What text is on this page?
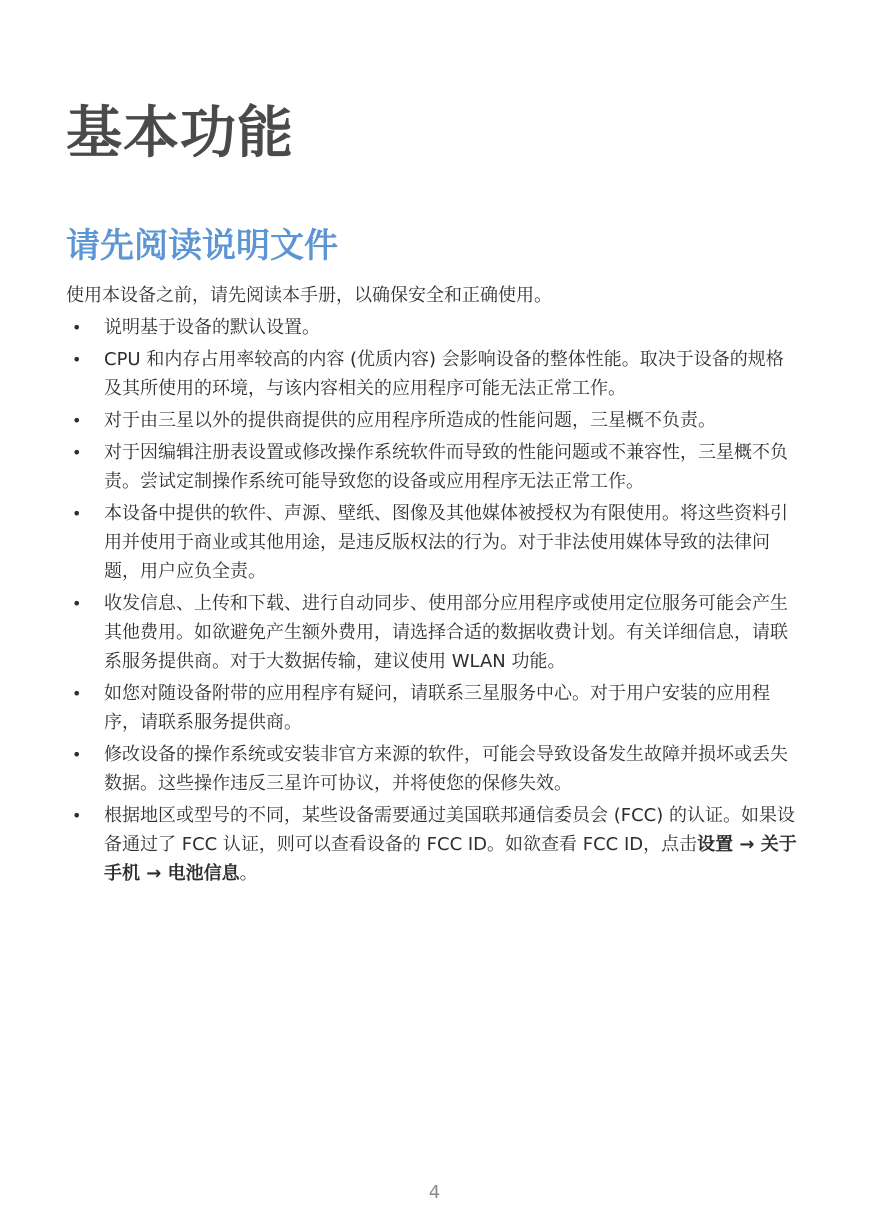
基本功能
请先阅读说明文件

使用本设备之前，请先阅读本手册，以确保安全和正确使用。

• 说明基于设备的默认设置。
• CPU 和内存占用率较高的内容 (优质内容) 会影响设备的整体性能。取决于设备的规格及其所使用的环境，与该内容相关的应用程序可能无法正常工作。
• 对于由三星以外的提供商提供的应用程序所造成的性能问题，三星概不负责。
• 对于因编辑注册表设置或修改操作系统软件而导致的性能问题或不兼容性，三星概不负责。尝试定制操作系统可能导致您的设备或应用程序无法正常工作。
• 本设备中提供的软件、声源、壁纸、图像及其他媒体被授权为有限使用。将这些资料引用并使用于商业或其他用途，是违反版权法的行为。对于非法使用媒体导致的法律问题，用户应负全责。
• 收发信息、上传和下载、进行自动同步、使用部分应用程序或使用定位服务可能会产生其他费用。如欲避免产生额外费用，请选择合适的数据收费计划。有关详细信息，请联系服务提供商。对于大数据传输，建议使用 WLAN 功能。
• 如您对随设备附带的应用程序有疑问，请联系三星服务中心。对于用户安装的应用程序，请联系服务提供商。
• 修改设备的操作系统或安装非官方来源的软件，可能会导致设备发生故障并损坏或丢失数据。这些操作违反三星许可协议，并将使您的保修失效。
• 根据地区或型号的不同，某些设备需要通过美国联邦通信委员会 (FCC) 的认证。如果设备通过了 FCC 认证，则可以查看设备的 FCC ID。如欲查看 FCC ID，点击设置 → 关于手机 → 电池信息。
4
